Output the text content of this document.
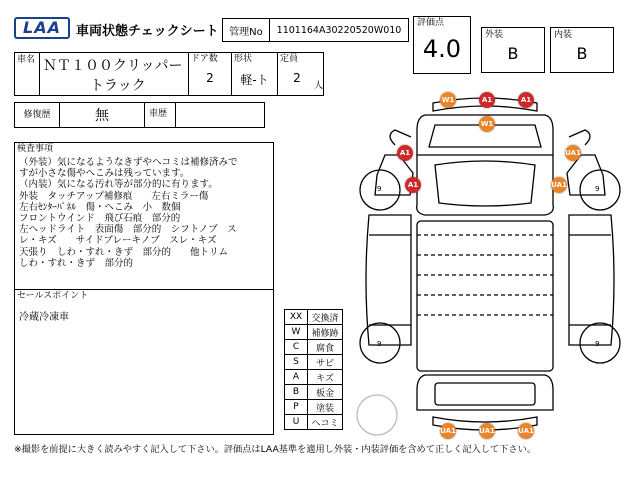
LAA	車両状態チェックシート	管理No	1101164A30220520W010
評価点
4.0	外装
B
内装
B
車名 ＮＴ１００クリッパー
トラック
ドア数
2
形状
軽-ト
定員
2
人
修復歴	無	車歴
検査事項
（外装）気になるようなきずやヘコミは補修済みで
すが小さな傷やへこみは残っています。
（内装）気になる汚れ等が部分的に有ります。
外装　タッチアップ補修痕　　左右ミラー傷
左右ｾﾝﾀｰﾊﾟﾈﾙ　傷・へこみ　小　数個
フロントウインド　飛び石痕　部分的
左ヘッドライト　表面傷　部分的　シフトノブ　ス
レ・キズ　　サイドブレーキノブ　スレ・キズ
天張り　しわ・すれ・きず　部分的　　他トリム
しわ・すれ・きず　部分的
セールスポイント
冷蔵冷凍車	XX	交換済
W	補修跡
C	腐食
S	サビ
A	キズ
B	板金
P	塗装
U	ヘコミ
9	9
9	9
W1	A1	A1
W1
A1
A1
UA1
UA1
UA1	UA1	UA1
※撮影を前提に大きく読みやすく記入して下さい。評価点はLAA基準を適用し外装・内装評価を含めて正しく記入して下さい。
